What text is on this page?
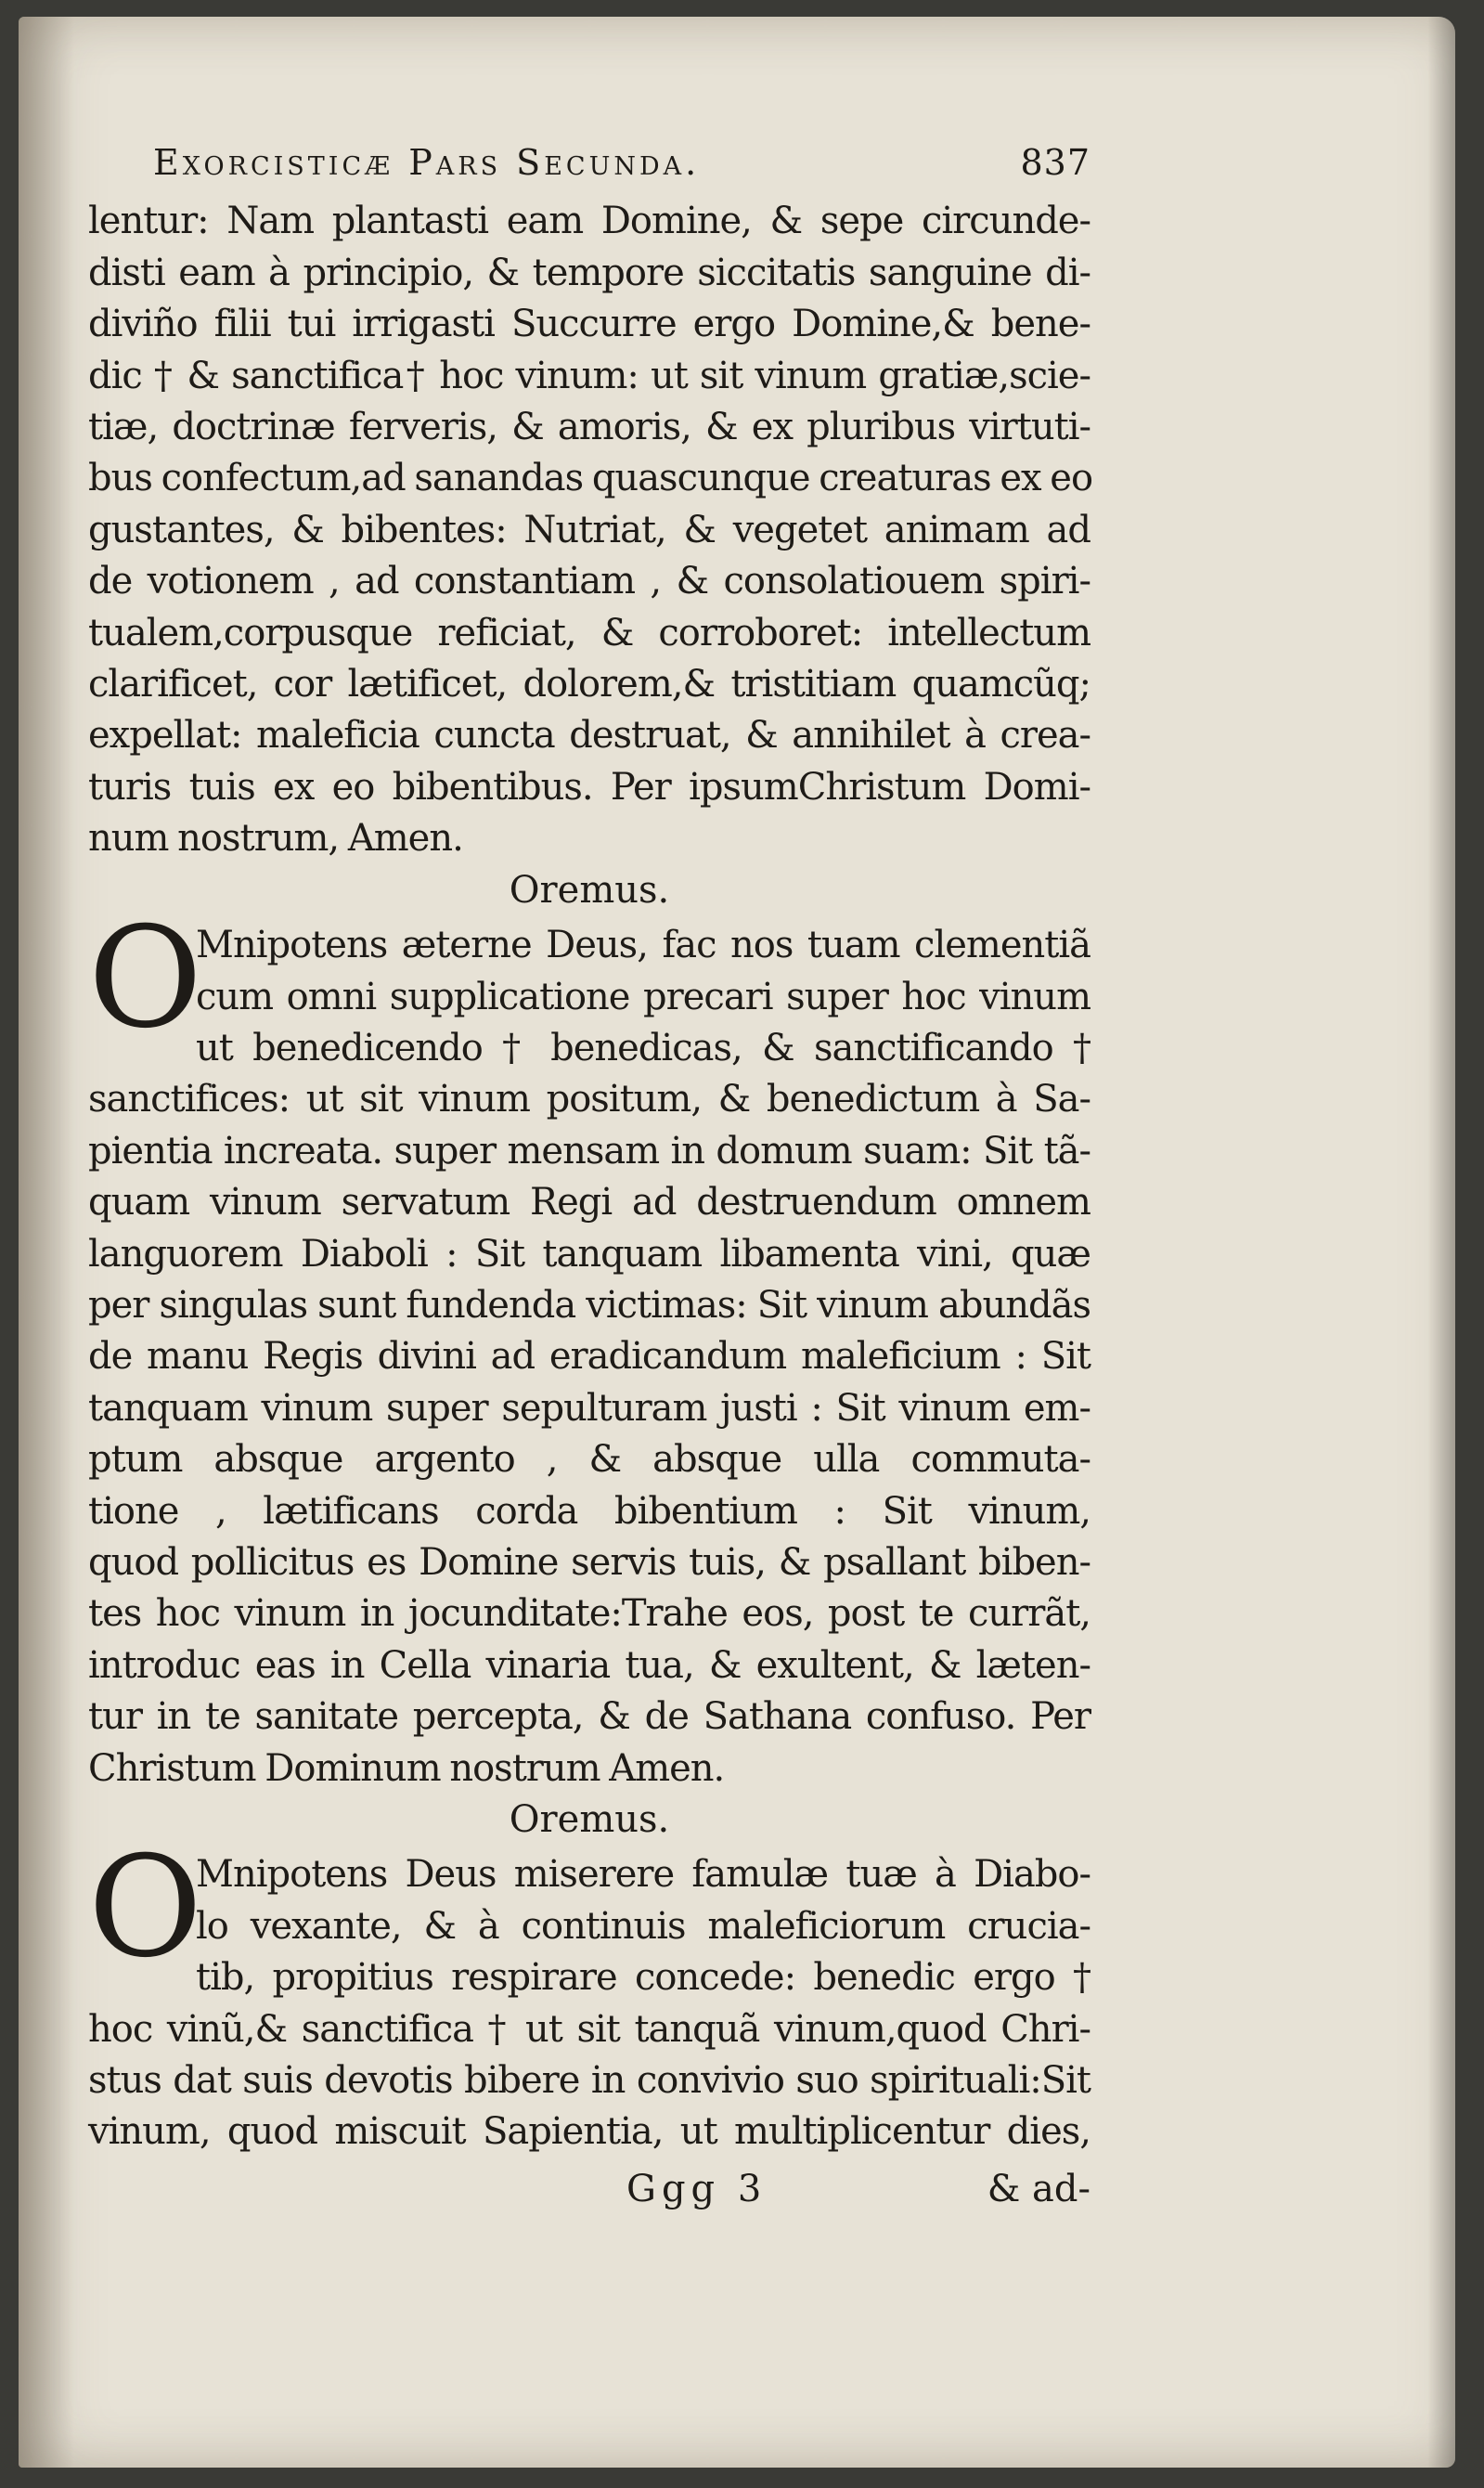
Exorcisticæ Pars Secunda.	837
lentur: Nam plantasti eam Domine, & sepe circunde-
disti eam à principio, & tempore siccitatis sanguine di-
diviño filii tui irrigasti Succurre ergo Domine,& bene-
dic † & sanctifica† hoc vinum: ut sit vinum gratiæ,scie-
tiæ, doctrinæ ferveris, & amoris, & ex pluribus virtuti-
bus confectum,ad sanandas quascunque creaturas ex eo
gustantes, & bibentes: Nutriat, & vegetet animam ad
de votionem , ad constantiam , & consolatiouem spiri-
tualem,corpusque reficiat, & corroboret: intellectum
clarificet, cor lætificet, dolorem,& tristitiam quamcũq;
expellat: maleficia cuncta destruat, & annihilet à crea-
turis tuis ex eo bibentibus. Per ipsumChristum Domi-
num nostrum, Amen.
Oremus.
O
Mnipotens æterne Deus, fac nos tuam clementiã
cum omni supplicatione precari super hoc vinum
ut benedicendo † benedicas, & sanctificando †
sanctifices: ut sit vinum positum, & benedictum à Sa-
pientia increata. super mensam in domum suam: Sit tã-
quam vinum servatum Regi ad destruendum omnem
languorem Diaboli : Sit tanquam libamenta vini, quæ
per singulas sunt fundenda victimas: Sit vinum abundãs
de manu Regis divini ad eradicandum maleficium : Sit
tanquam vinum super sepulturam justi : Sit vinum em-
ptum absque argento , & absque ulla commuta-
tione , lætificans corda bibentium : Sit vinum,
quod pollicitus es Domine servis tuis, & psallant biben-
tes hoc vinum in jocunditate:Trahe eos, post te currãt,
introduc eas in Cella vinaria tua, & exultent, & læten-
tur in te sanitate percepta, & de Sathana confuso. Per
Christum Dominum nostrum Amen.
Oremus.
O
Mnipotens Deus miserere famulæ tuæ à Diabo-
lo vexante, & à continuis maleficiorum crucia-
tib, propitius respirare concede: benedic ergo †
hoc vinũ,& sanctifica † ut sit tanquã vinum,quod Chri-
stus dat suis devotis bibere in convivio suo spirituali:Sit
vinum, quod miscuit Sapientia, ut multiplicentur dies,
Ggg 3	& ad-
